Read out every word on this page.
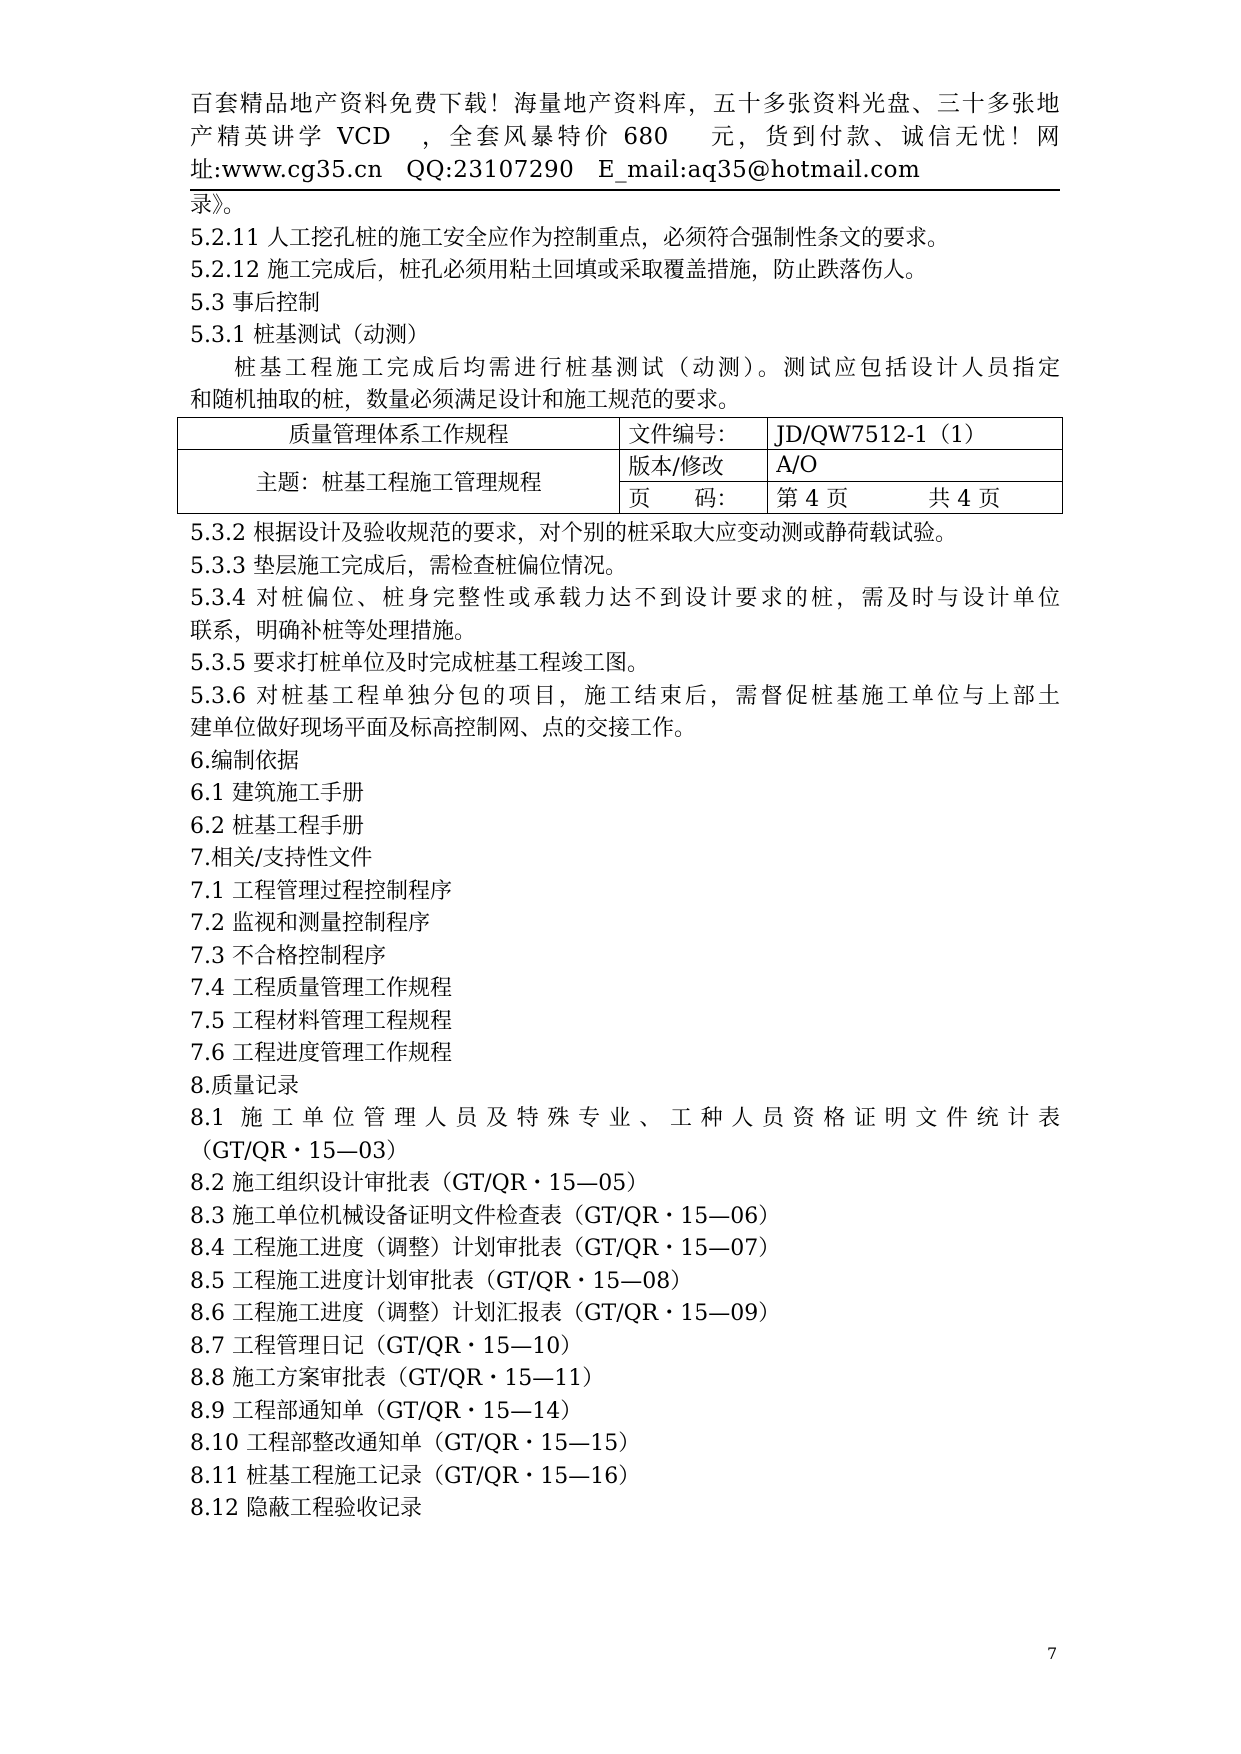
百套精品地产资料免费下载！海量地产资料库，五十多张资料光盘、三十多张地
产精英讲学 VCD　，全套风暴特价 680　 元，货到付款、诚信无忧！网
址:www.cg35.cn　QQ:23107290　E_mail:aq35@hotmail.com
录》。
5.2.11 人工挖孔桩的施工安全应作为控制重点，必须符合强制性条文的要求。
5.2.12 施工完成后，桩孔必须用粘土回填或采取覆盖措施，防止跌落伤人。
5.3 事后控制
5.3.1 桩基测试（动测）
桩基工程施工完成后均需进行桩基测试（动测）。测试应包括设计人员指定
和随机抽取的桩，数量必须满足设计和施工规范的要求。
质量管理体系工作规程	文件编号：	JD/QW7512-1（1）
主题：桩基工程施工管理规程	版本/修改	A/O
	页　　码：	第 4 页 共 4 页
5.3.2 根据设计及验收规范的要求，对个别的桩采取大应变动测或静荷载试验。
5.3.3 垫层施工完成后，需检查桩偏位情况。
5.3.4 对桩偏位、桩身完整性或承载力达不到设计要求的桩，需及时与设计单位
联系，明确补桩等处理措施。
5.3.5 要求打桩单位及时完成桩基工程竣工图。
5.3.6 对桩基工程单独分包的项目，施工结束后，需督促桩基施工单位与上部土
建单位做好现场平面及标高控制网、点的交接工作。
6.编制依据
6.1 建筑施工手册
6.2 桩基工程手册
7.相关/支持性文件
7.1 工程管理过程控制程序
7.2 监视和测量控制程序
7.3 不合格控制程序
7.4 工程质量管理工作规程
7.5 工程材料管理工程规程
7.6 工程进度管理工作规程
8.质量记录
8.1 施工单位管理人员及特殊专业、工种人员资格证明文件统计表
（GT/QR・15—03）
8.2 施工组织设计审批表（GT/QR・15—05）
8.3 施工单位机械设备证明文件检查表（GT/QR・15—06）
8.4 工程施工进度（调整）计划审批表（GT/QR・15—07）
8.5 工程施工进度计划审批表（GT/QR・15—08）
8.6 工程施工进度（调整）计划汇报表（GT/QR・15—09）
8.7 工程管理日记（GT/QR・15—10）
8.8 施工方案审批表（GT/QR・15—11）
8.9 工程部通知单（GT/QR・15—14）
8.10 工程部整改通知单（GT/QR・15—15）
8.11 桩基工程施工记录（GT/QR・15—16）
8.12 隐蔽工程验收记录
7
